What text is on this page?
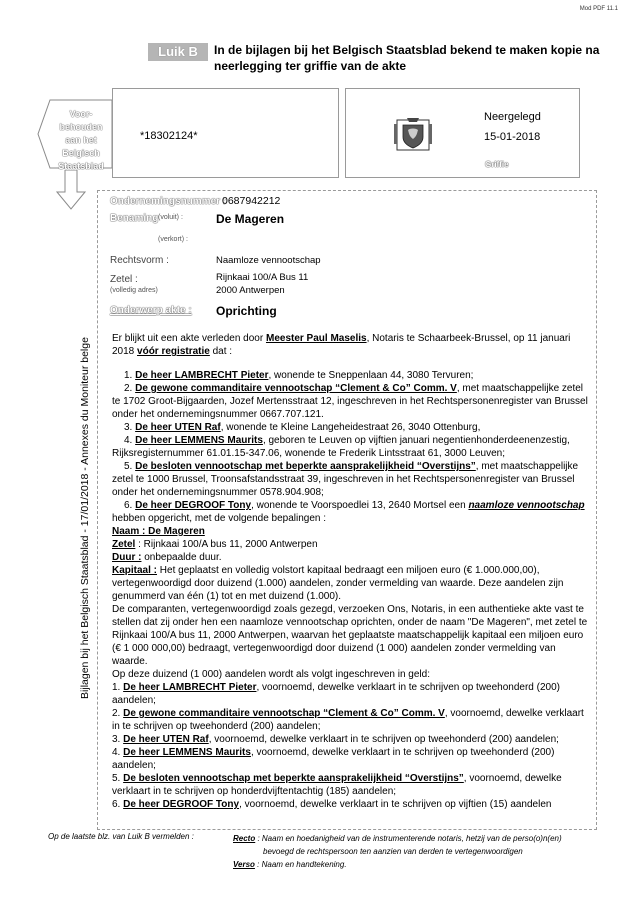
Mod PDF 11.1
Luik B	In de bijlagen bij het Belgisch Staatsblad bekend te maken kopie na neerlegging ter griffie van de akte
Voor-
behouden
aan het
Belgisch
Staatsblad
*18302124*
Neergelegd
15-01-2018
Griffie
Bijlagen bij het Belgisch Staatsblad - 17/01/2018 - Annexes du Moniteur belge
Ondernemingsnummer :
0687942212
Benaming (voluit) :	De Mageren
(verkort) :
Rechtsvorm :	Naamloze vennootschap
Zetel :
(volledig adres)
Rijnkaai 100/A Bus 11
2000 Antwerpen
Onderwerp akte : Oprichting

Er blijkt uit een akte verleden door Meester Paul Maselis, Notaris te Schaarbeek-Brussel, op 11 januari 2018 vóór registratie dat :

1. De heer LAMBRECHT Pieter, wonende te Sneppenlaan 44, 3080 Tervuren;

2. De gewone commanditaire vennootschap “Clement & Co” Comm. V, met maatschappelijke zetel te 1702 Groot-Bijgaarden, Jozef Mertensstraat 12, ingeschreven in het Rechtspersonenregister van Brussel onder het ondernemingsnummer 0667.707.121.

3. De heer UTEN Raf, wonende te Kleine Langeheidestraat 26, 3040 Ottenburg,

4. De heer LEMMENS Maurits, geboren te Leuven op vijftien januari negentienhonderdeenenzestig, Rijksregisternummer 61.01.15-347.06, wonende te Frederik Lintsstraat 61, 3000 Leuven;

5. De besloten vennootschap met beperkte aansprakelijkheid “Overstijns”, met maatschappelijke zetel te 1000 Brussel, Troonsafstandsstraat 39, ingeschreven in het Rechtspersonenregister van Brussel onder het ondernemingsnummer 0578.904.908;

6. De heer DEGROOF Tony, wonende te Voorspoedlei 13, 2640 Mortsel een naamloze vennootschap hebben opgericht, met de volgende bepalingen :

Naam : De Mageren

Zetel : Rijnkaai 100/A bus 11, 2000 Antwerpen

Duur : onbepaalde duur.

Kapitaal : Het geplaatst en volledig volstort kapitaal bedraagt een miljoen euro (€ 1.000.000,00), vertegenwoordigd door duizend (1.000) aandelen, zonder vermelding van waarde. Deze aandelen zijn genummerd van één (1) tot en met duizend (1.000).

De comparanten, vertegenwoordigd zoals gezegd, verzoeken Ons, Notaris, in een authentieke akte vast te stellen dat zij onder hen een naamloze vennootschap oprichten, onder de naam "De Mageren", met zetel te Rijnkaai 100/A bus 11, 2000 Antwerpen, waarvan het geplaatste maatschappelijk kapitaal een miljoen euro (€ 1 000 000,00) bedraagt, vertegenwoordigd door duizend (1 000) aandelen zonder vermelding van waarde.

Op deze duizend (1 000) aandelen wordt als volgt ingeschreven in geld:

1. De heer LAMBRECHT Pieter, voornoemd, dewelke verklaart in te schrijven op tweehonderd (200) aandelen;

2. De gewone commanditaire vennootschap “Clement & Co” Comm. V, voornoemd, dewelke verklaart in te schrijven op tweehonderd (200) aandelen;

3. De heer UTEN Raf, voornoemd, dewelke verklaart in te schrijven op tweehonderd (200) aandelen;

4. De heer LEMMENS Maurits, voornoemd, dewelke verklaart in te schrijven op tweehonderd (200) aandelen;

5. De besloten vennootschap met beperkte aansprakelijkheid “Overstijns”, voornoemd, dewelke verklaart in te schrijven op honderdvijftentachtig (185) aandelen;

6. De heer DEGROOF Tony, voornoemd, dewelke verklaart in te schrijven op vijftien (15) aandelen

Op de laatste blz. van Luik B vermelden :	Recto : Naam en hoedanigheid van de instrumenterende notaris, hetzij van de perso(o)n(en)
bevoegd de rechtspersoon ten aanzien van derden te vertegenwoordigen
Verso : Naam en handtekening.
